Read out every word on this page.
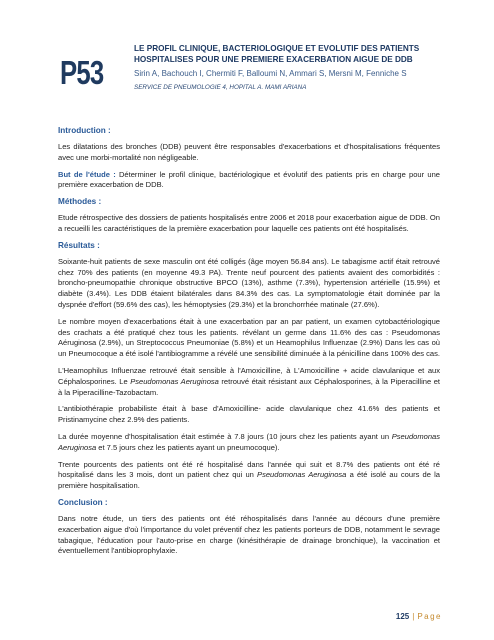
P53

LE PROFIL CLINIQUE, BACTERIOLOGIQUE ET EVOLUTIF DES PATIENTS HOSPITALISES POUR UNE PREMIERE EXACERBATION AIGUE DE DDB

Sirin A, Bachouch I, Chermiti F, Balloumi N, Ammari S, Mersni M, Fenniche S
SERVICE DE PNEUMOLOGIE 4, HOPITAL A. MAMI ARIANA
Introduction :

Les dilatations des bronches (DDB) peuvent être responsables d'exacerbations et d'hospitalisations fréquentes avec une morbi-mortalité non négligeable.

But de l'étude : Déterminer le profil clinique, bactériologique et évolutif des patients pris en charge pour une première exacerbation de DDB.

Méthodes :

Etude rétrospective des dossiers de patients hospitalisés entre 2006 et 2018 pour exacerbation aigue de DDB. On a recueilli les caractéristiques de la première exacerbation pour laquelle ces patients ont été hospitalisés.

Résultats :

Soixante-huit patients de sexe masculin ont été colligés (âge moyen 56.84 ans). Le tabagisme actif était retrouvé chez 70% des patients (en moyenne 49.3 PA). Trente neuf pourcent des patients avaient des comorbidités : broncho-pneumopathie chronique obstructive BPCO (13%), asthme (7.3%), hypertension artérielle (15.9%) et diabète (3.4%). Les DDB étaient bilatérales dans 84.3% des cas. La symptomatologie était dominée par la dyspnée d'effort (59.6% des cas), les hémoptysies (29.3%) et la bronchorrhée matinale (27.6%).

Le nombre moyen d'exacerbations était à une exacerbation par an par patient, un examen cytobactériologique des crachats a été pratiqué chez tous les patients. révélant un germe dans 11.6% des cas : Pseudomonas Aéruginosa (2.9%), un Streptococcus Pneumoniae (5.8%) et un Heamophilus Influenzae (2.9%) Dans les cas où un Pneumocoque a été isolé l'antibiogramme a révélé une sensibilité diminuée à la pénicilline dans 100% des cas.

L'Heamophilus Influenzae retrouvé était sensible à l'Amoxicilline, à L'Amoxicilline + acide clavulanique et aux Céphalosporines. Le Pseudomonas Aeruginosa retrouvé était résistant aux Céphalosporines, à la Piperacilline et à la Piperacilline-Tazobactam.

L'antibiothérapie probabiliste était à base d'Amoxicilline- acide clavulanique chez 41.6% des patients et Pristinamycine chez 2.9% des patients.

La durée moyenne d'hospitalisation était estimée à 7.8 jours (10 jours chez les patients ayant un Pseudomonas Aeruginosa et 7.5 jours chez les patients ayant un pneumocoque).

Trente pourcents des patients ont été ré hospitalisé dans l'année qui suit et 8.7% des patients ont été ré hospitalisé dans les 3 mois, dont un patient chez qui un Pseudomonas Aeruginosa a été isolé au cours de la première hospitalisation.

Conclusion :

Dans notre étude, un tiers des patients ont été réhospitalisés dans l'année au décours d'une première exacerbation aigue d'où l'importance du volet préventif chez les patients porteurs de DDB, notamment le sevrage tabagique, l'éducation pour l'auto-prise en charge (kinésithérapie de drainage bronchique), la vaccination et éventuellement l'antibioprophylaxie.

125 | Page
